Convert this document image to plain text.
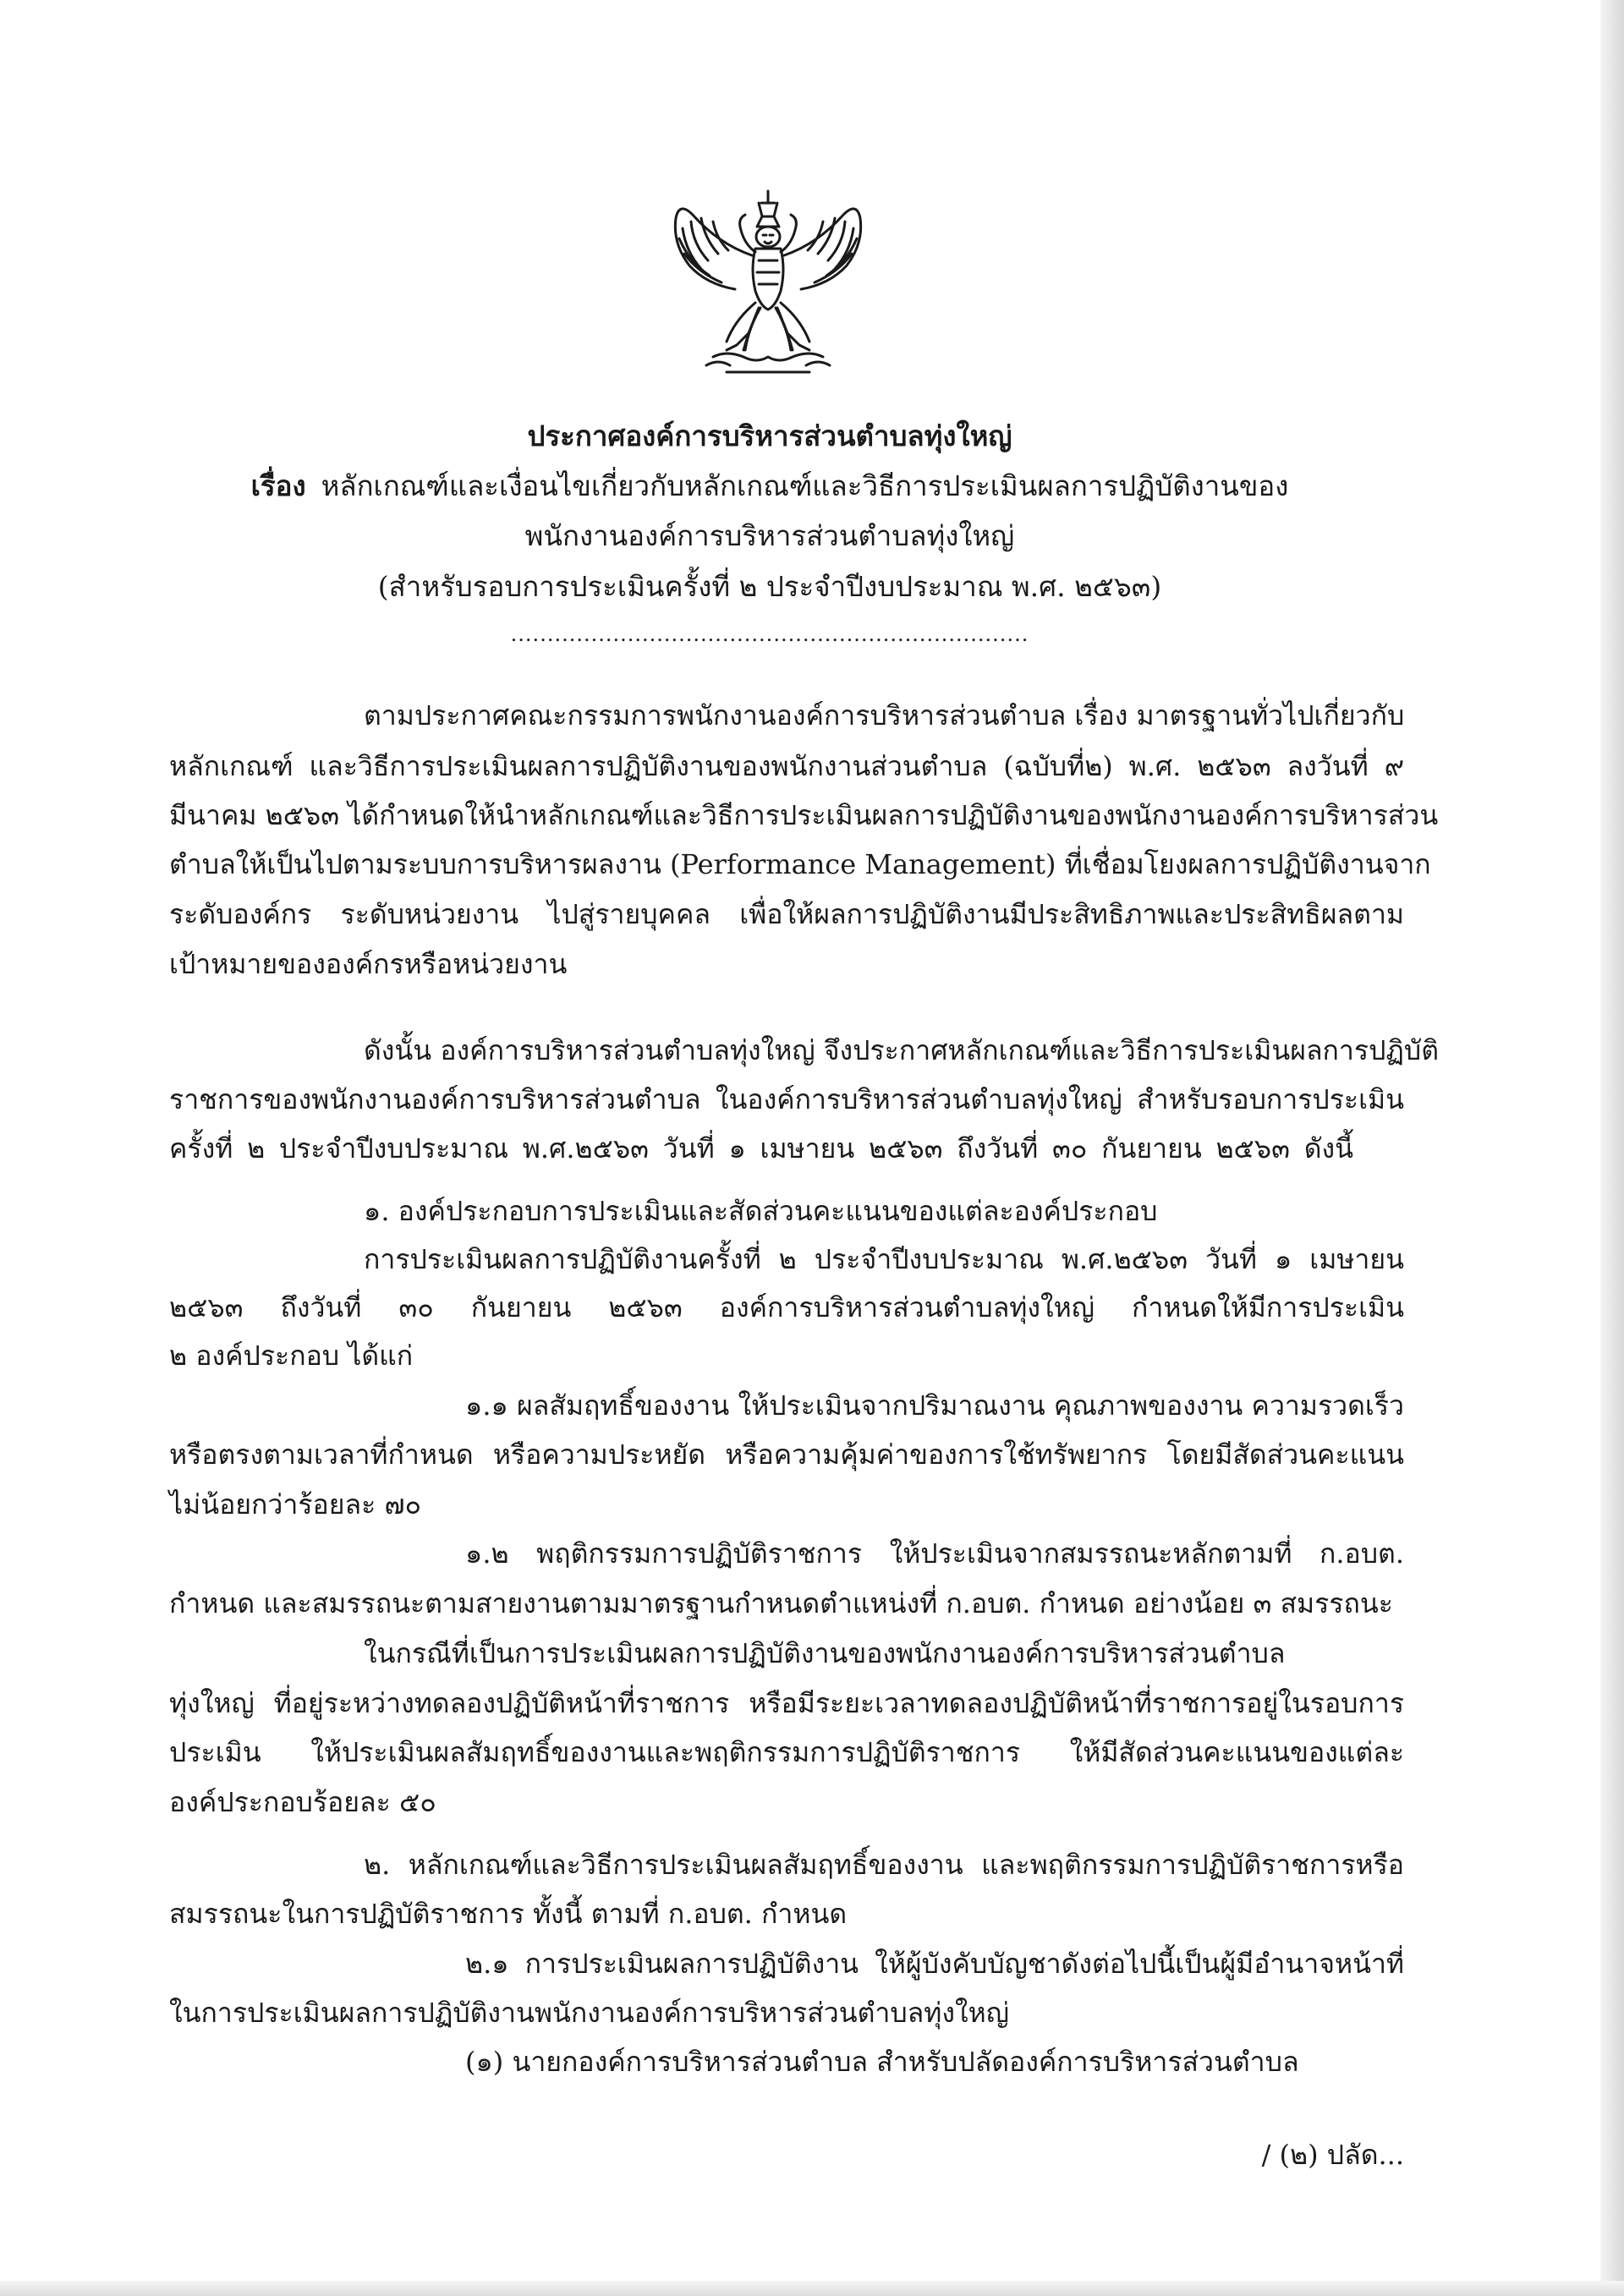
ประกาศองค์การบริหารส่วนตำบลทุ่งใหญ่
เรื่อง หลักเกณฑ์และเงื่อนไขเกี่ยวกับหลักเกณฑ์และวิธีการประเมินผลการปฏิบัติงานของ
พนักงานองค์การบริหารส่วนตำบลทุ่งใหญ่
(สำหรับรอบการประเมินครั้งที่ ๒ ประจำปีงบประมาณ พ.ศ. ๒๕๖๓)
.......................................................................
ตามประกาศคณะกรรมการพนักงานองค์การบริหารส่วนตำบล เรื่อง มาตรฐานทั่วไปเกี่ยวกับ
หลักเกณฑ์ และวิธีการประเมินผลการปฏิบัติงานของพนักงานส่วนตำบล (ฉบับที่๒) พ.ศ. ๒๕๖๓ ลงวันที่ ๙
มีนาคม ๒๕๖๓ ได้กำหนดให้นำหลักเกณฑ์และวิธีการประเมินผลการปฏิบัติงานของพนักงานองค์การบริหารส่วน
ตำบลให้เป็นไปตามระบบการบริหารผลงาน (Performance Management) ที่เชื่อมโยงผลการปฏิบัติงานจาก
ระดับองค์กร ระดับหน่วยงาน ไปสู่รายบุคคล เพื่อให้ผลการปฏิบัติงานมีประสิทธิภาพและประสิทธิผลตาม
เป้าหมายขององค์กรหรือหน่วยงาน
ดังนั้น องค์การบริหารส่วนตำบลทุ่งใหญ่ จึงประกาศหลักเกณฑ์และวิธีการประเมินผลการปฏิบัติ
ราชการของพนักงานองค์การบริหารส่วนตำบล ในองค์การบริหารส่วนตำบลทุ่งใหญ่ สำหรับรอบการประเมิน
ครั้งที่ ๒ ประจำปีงบประมาณ พ.ศ.๒๕๖๓ วันที่ ๑ เมษายน ๒๕๖๓ ถึงวันที่ ๓๐ กันยายน ๒๕๖๓ ดังนี้
๑. องค์ประกอบการประเมินและสัดส่วนคะแนนของแต่ละองค์ประกอบ
การประเมินผลการปฏิบัติงานครั้งที่ ๒ ประจำปีงบประมาณ พ.ศ.๒๕๖๓ วันที่ ๑ เมษายน
๒๕๖๓ ถึงวันที่ ๓๐ กันยายน ๒๕๖๓ องค์การบริหารส่วนตำบลทุ่งใหญ่ กำหนดให้มีการประเมิน
๒ องค์ประกอบ ได้แก่
๑.๑ ผลสัมฤทธิ์ของงาน ให้ประเมินจากปริมาณงาน คุณภาพของงาน ความรวดเร็ว
หรือตรงตามเวลาที่กำหนด หรือความประหยัด หรือความคุ้มค่าของการใช้ทรัพยากร โดยมีสัดส่วนคะแนน
ไม่น้อยกว่าร้อยละ ๗๐
๑.๒ พฤติกรรมการปฏิบัติราชการ ให้ประเมินจากสมรรถนะหลักตามที่ ก.อบต.
กำหนด และสมรรถนะตามสายงานตามมาตรฐานกำหนดตำแหน่งที่ ก.อบต. กำหนด อย่างน้อย ๓ สมรรถนะ
ในกรณีที่เป็นการประเมินผลการปฏิบัติงานของพนักงานองค์การบริหารส่วนตำบล
ทุ่งใหญ่ ที่อยู่ระหว่างทดลองปฏิบัติหน้าที่ราชการ หรือมีระยะเวลาทดลองปฏิบัติหน้าที่ราชการอยู่ในรอบการ
ประเมิน ให้ประเมินผลสัมฤทธิ์ของงานและพฤติกรรมการปฏิบัติราชการ ให้มีสัดส่วนคะแนนของแต่ละ
องค์ประกอบร้อยละ ๕๐
๒. หลักเกณฑ์และวิธีการประเมินผลสัมฤทธิ์ของงาน และพฤติกรรมการปฏิบัติราชการหรือ
สมรรถนะในการปฏิบัติราชการ ทั้งนี้ ตามที่ ก.อบต. กำหนด
๒.๑ การประเมินผลการปฏิบัติงาน ให้ผู้บังคับบัญชาดังต่อไปนี้เป็นผู้มีอำนาจหน้าที่
ในการประเมินผลการปฏิบัติงานพนักงานองค์การบริหารส่วนตำบลทุ่งใหญ่
(๑) นายกองค์การบริหารส่วนตำบล สำหรับปลัดองค์การบริหารส่วนตำบล
/ (๒) ปลัด...
